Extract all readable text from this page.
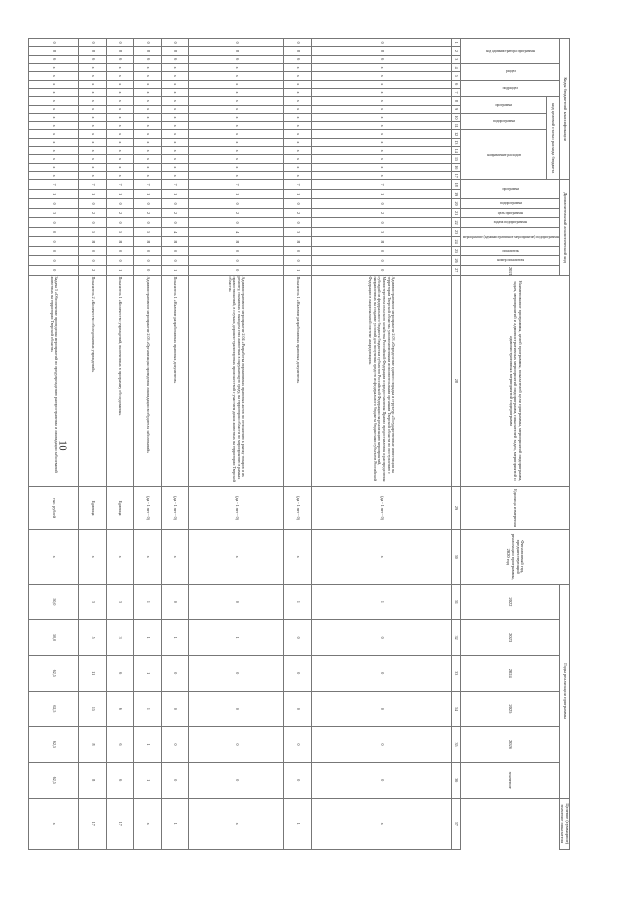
10
Коды бюджетной классификации																	Дополнительный аналитический код										Наименование программы, целей программы, показателей цели программы, мероприятий подпрограмм, задач, мероприятий и административных мероприятий подпрограмм, показателей задач, мероприятий и административных мероприятий подпрограмм	Единица измерения	Финансовый год, предшествующий реализации программы, 2020 год	Годы реализации программы						Целевое (суммарное) значение показателя
код администратора программы			раздел		подраздел		код целевой статьи расхода бюджета										программа		подпрограмма	цель программы	задача подпрограммы	мероприятие (административное мероприятие) подпрограммы		показатель	номер показателя	2021				2022	2023	2024	2025	2026	значение	
							программа		подпрограмма		направление расходов																									
1	2	3	4	5	6	7	8	9	10	11	12	13	14	15	16	17	18	19	20	21	22	23	24	25	26	27	28	29	30	31	32	33	34	35	36	37
0	8	6	x	x	x	x	x	x	x	x	x	x	x	x	x	x	7	1	0	2	0	3	Я	0	0	0	Административное мероприятие 2.03 «Определение единого порядка и структур «Государственные инвестиции на территории Тверской области» уполномоченными исполнительными органами Тверской области по поступлению с Министерством сельского хозяйства Российской Федерации и предоставления Правил предоставления и распределения субсидий из федерального бюджета бюджетам субъектов Российской Федерации на реализацию мероприятий, направленных на создание условий для получения средств из федерального бюджета бюджетами субъектов Российской Федерации в национальной системе аккредитации»	(да - 1 нет - 0)	x	1	0	0	0	0	0	x
0	8	6	x	x	x	x	x	x	x	x	x	x	x	x	x	x	7	1	0	2	0	3	Я	0	0	1	Показатель 1 «Наличие разработанных правовых документов»	(да - 1 нет - 0)	x	1	0	0	0	0	0	1
0	8	6	x	x	x	x	x	x	x	x	x	x	x	x	x	x	7	1	0	2	0	4	Я	0	0	0	Административное мероприятие 2.04 «Разработка нормативных правовых актов по отношению к рынку товаров и их ремонту, связанных с выходом этих животных в окружающую среду, на территории области по мероприятию в рамках правоотношений, в случаях дорожно-транспортных происшествий с участием диких животных на территории Тверской области»	(да - 1 нет - 0)	x	0	1	0	0	0	0	x
0	8	6	x	x	x	x	x	x	x	x	x	x	x	x	x	x	7	1	0	2	0	4	Я	0	0	1	Показатель 1 «Наличие разработанных правовых документов»	(да - 1 нет - 0)	x	0	1	0	0	0	0	1
0	8	6	x	x	x	x	x	x	x	x	x	x	x	x	x	x	7	1	0	2	0	5	Я	0	0	0	Административное мероприятие 2.05 «Организация проведения ликвидации возбудителя заболеваний»	(да - 1 нет - 0)	x	1	1	1	1	1	1	x
0	8	6	x	x	x	x	x	x	x	x	x	x	x	x	x	x	7	1	0	2	0	5	Я	0	0	1	Показатель 1 «Количество учреждений, включенных в программу обследования»	Единица	x	3	3	6	6	6	6	17
0	8	6	x	x	x	x	x	x	x	x	x	x	x	x	x	x	7	1	0	2	0	5	Я	0	0	2	Показатель 2 «Количество обследованных учреждений»	Единица	x	3	5	11	15	8	8	17
0	8	6	x	x	x	x	x	x	x	x	x	x	x	x	x	x	7	1	0	3	0	0	0	0	0	0	Задача 3 «Обеспечение проведения мероприятий по предупреждению распространения и ликвидации заболеваний животных на территории Тверской области»	тыс. рублей	x	50,0	50,0	62,5	62,5	62,5	62,5	x
